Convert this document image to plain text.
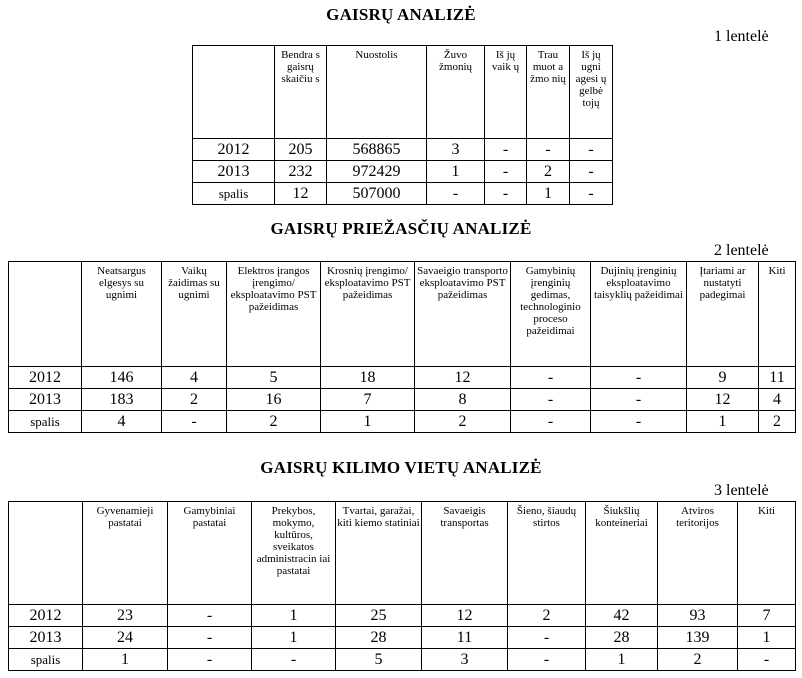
GAISRŲ ANALIZĖ
1 lentelė
	Bendra s gaisrų skaičiu s	Nuostolis	Žuvo žmonių	Iš jų vaik ų	Trau muot a žmo nių	Iš jų ugni agesi ų gelbė tojų
2012	205	568865	3	-	-	-
2013	232	972429	1	-	2	-
spalis	12	507000	-	-	1	-
GAISRŲ PRIEŽASČIŲ ANALIZĖ
2 lentelė
	Neatsargus elgesys su ugnimi	Vaikų žaidimas su ugnimi	Elektros įrangos įrengimo/ eksploatavimo PST pažeidimas	Krosnių įrengimo/ eksploatavimo PST pažeidimas	Savaeigio transporto eksploatavimo PST pažeidimas	Gamybinių įrenginių gedimas, technologinio proceso pažeidimai	Dujinių įrenginių eksploatavimo taisyklių pažeidimai	Įtariami ar nustatyti padegimai	Kiti
2012	146	4	5	18	12	-	-	9	11
2013	183	2	16	7	8	-	-	12	4
spalis	4	-	2	1	2	-	-	1	2
GAISRŲ KILIMO VIETŲ ANALIZĖ
3 lentelė
	Gyvenamieji pastatai	Gamybiniai pastatai	Prekybos, mokymo, kultūros, sveikatos administracin iai pastatai	Tvartai, garažai, kiti kiemo statiniai	Savaeigis transportas	Šieno, šiaudų stirtos	Šiukšlių konteineriai	Atviros teritorijos	Kiti
2012	23	-	1	25	12	2	42	93	7
2013	24	-	1	28	11	-	28	139	1
spalis	1	-	-	5	3	-	1	2	-
